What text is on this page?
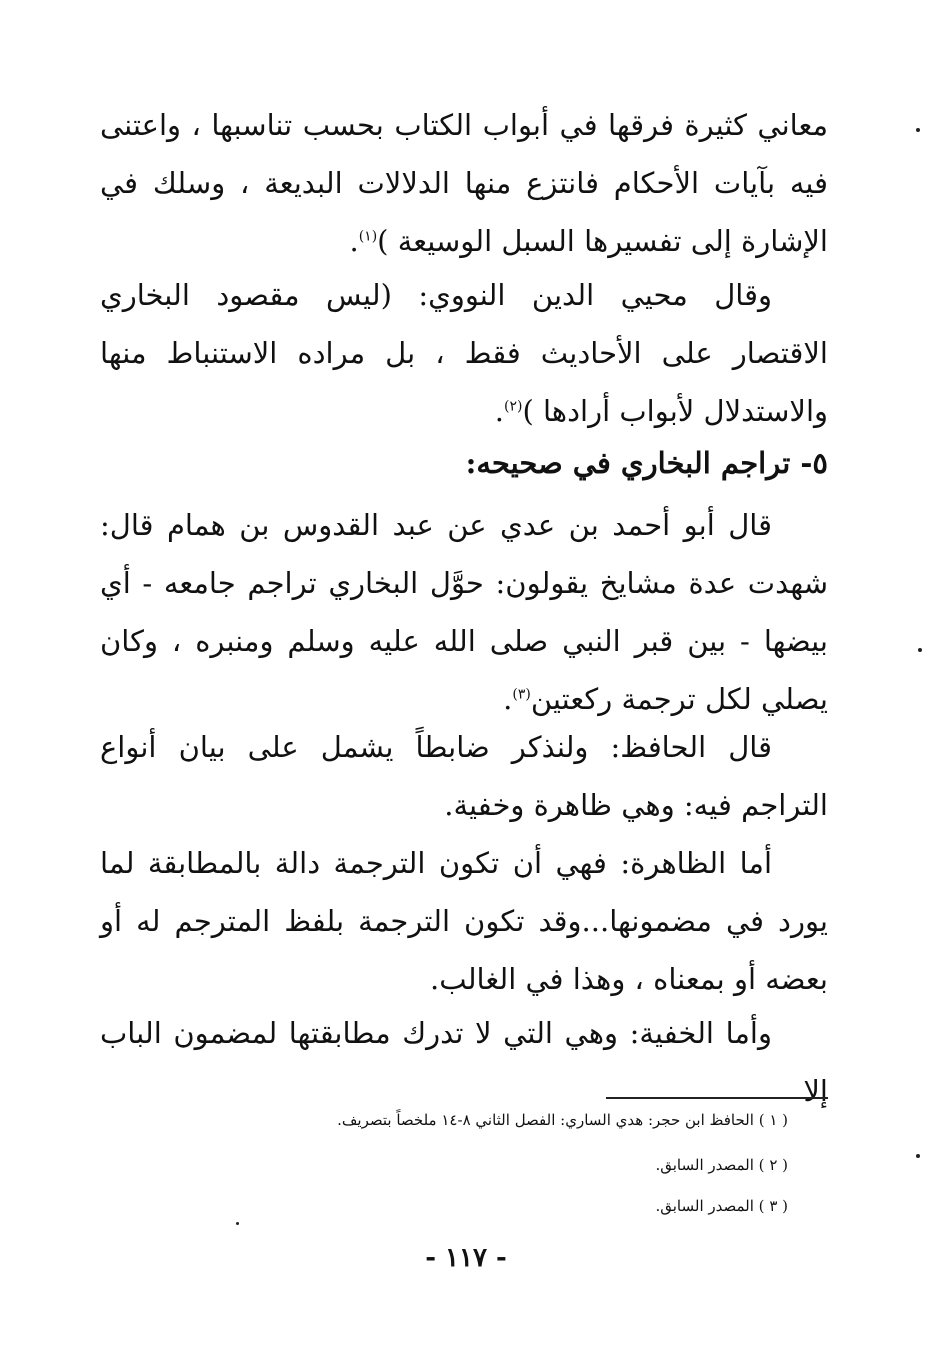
معاني كثيرة فرقها في أبواب الكتاب بحسب تناسبها ، واعتنى فيه بآيات الأحكام فانتزع منها الدلالات البديعة ، وسلك في الإشارة إلى تفسيرها السبل الوسيعة )$^{(١)}$.

وقال محيي الدين النووي: (ليس مقصود البخاري الاقتصار على الأحاديث فقط ، بل مراده الاستنباط منها والاستدلال لأبواب أرادها )$^{(٢)}$.

٥- تراجم البخاري في صحيحه:

قال أبو أحمد بن عدي عن عبد القدوس بن همام قال: شهدت عدة مشايخ يقولون: حوَّل البخاري تراجم جامعه - أي بيضها - بين قبر النبي صلى الله عليه وسلم ومنبره ، وكان يصلي لكل ترجمة ركعتين$^{(٣)}$.

قال الحافظ: ولنذكر ضابطاً يشمل على بيان أنواع التراجم فيه: وهي ظاهرة وخفية.

أما الظاهرة: فهي أن تكون الترجمة دالة بالمطابقة لما يورد في مضمونها...وقد تكون الترجمة بلفظ المترجم له أو بعضه أو بمعناه ، وهذا في الغالب.

وأما الخفية: وهي التي لا تدرك مطابقتها لمضمون الباب إلا

( ١ ) الحافظ ابن حجر: هدي الساري: الفصل الثاني ٨-١٤ ملخصاً بتصريف.
( ٢ ) المصدر السابق.
( ٣ ) المصدر السابق.
- ١١٧ -
